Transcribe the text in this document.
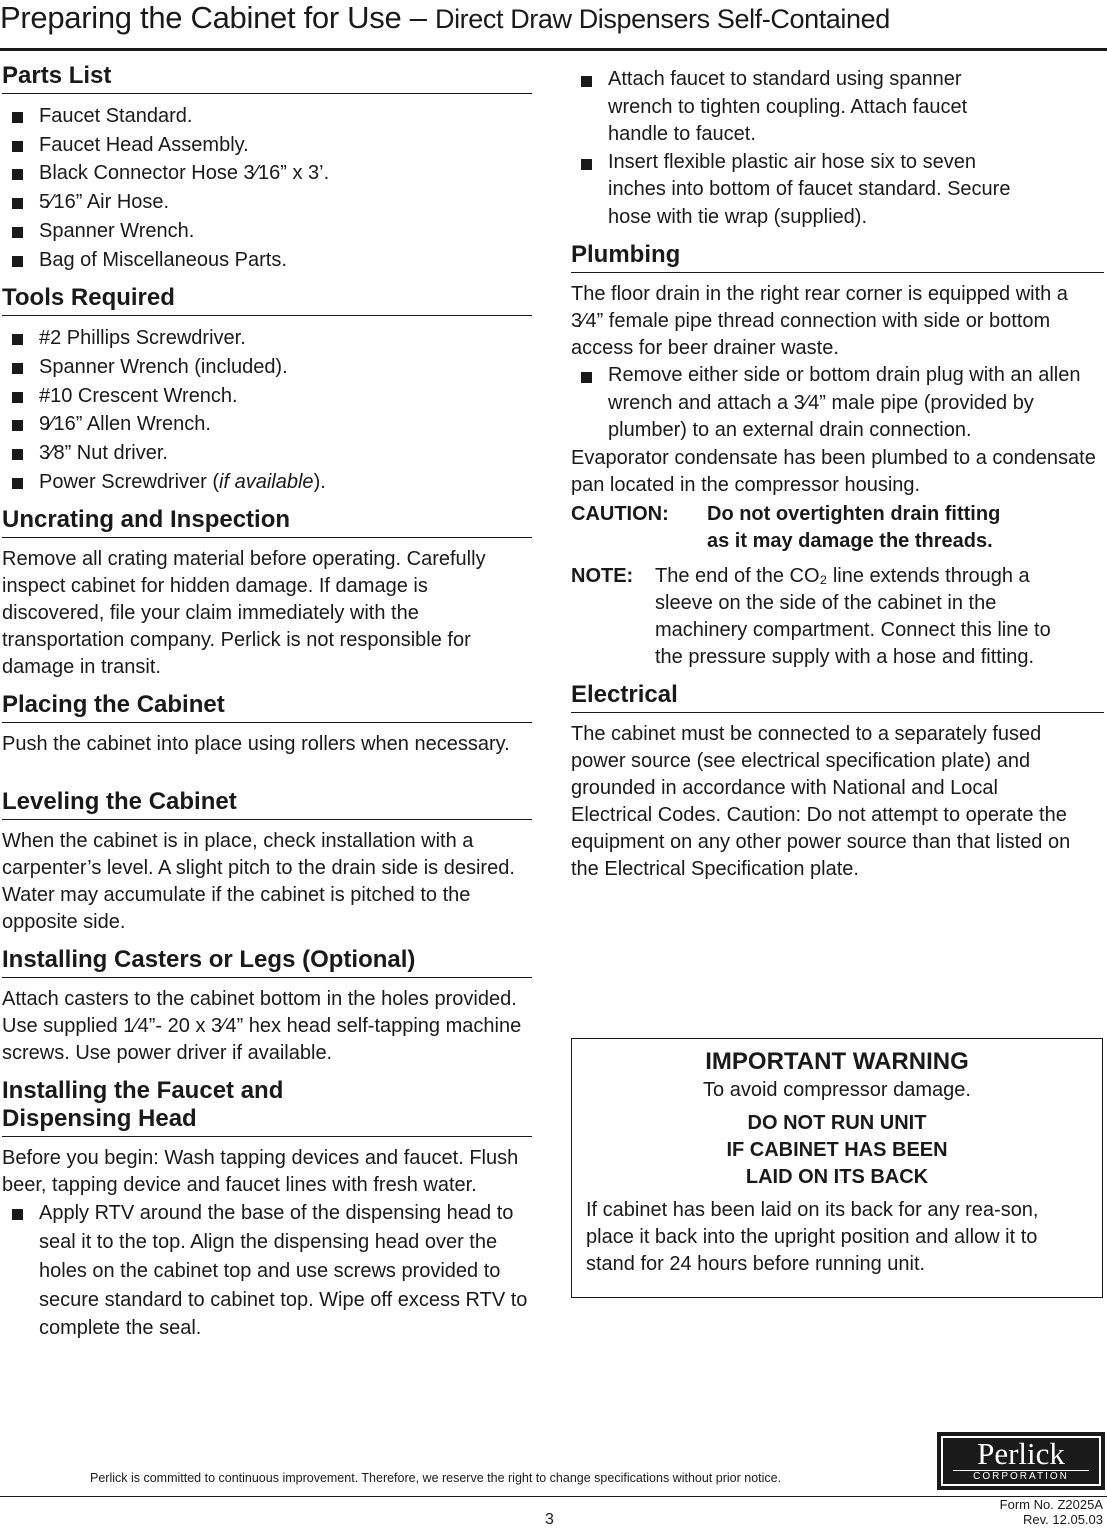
Preparing the Cabinet for Use – Direct Draw Dispensers Self-Contained
Parts List
Faucet Standard.
Faucet Head Assembly.
Black Connector Hose 3⁄16” x 3’.
5⁄16” Air Hose.
Spanner Wrench.
Bag of Miscellaneous Parts.
Tools Required
#2 Phillips Screwdriver.
Spanner Wrench (included).
#10 Crescent Wrench.
9⁄16” Allen Wrench.
3⁄8” Nut driver.
Power Screwdriver (if available).
Uncrating and Inspection

Remove all crating material before operating. Carefully inspect cabinet for hidden damage. If damage is discovered, file your claim immediately with the transportation company. Perlick is not responsible for damage in transit.

Placing the Cabinet

Push the cabinet into place using rollers when necessary.

Leveling the Cabinet

When the cabinet is in place, check installation with a carpenter’s level. A slight pitch to the drain side is desired. Water may accumulate if the cabinet is pitched to the opposite side.

Installing Casters or Legs (Optional)

Attach casters to the cabinet bottom in the holes provided. Use supplied 1⁄4”- 20 x 3⁄4” hex head self-tapping machine screws. Use power driver if available.

Installing the Faucet and Dispensing Head

Before you begin: Wash tapping devices and faucet. Flush beer, tapping device and faucet lines with fresh water.

Apply RTV around the base of the dispensing head to seal it to the top. Align the dispensing head over the holes on the cabinet top and use screws provided to secure standard to cabinet top. Wipe off excess RTV to complete the seal.
Attach faucet to standard using spanner wrench to tighten coupling. Attach faucet handle to faucet.
Insert flexible plastic air hose six to seven inches into bottom of faucet standard. Secure hose with tie wrap (supplied).
Plumbing

The floor drain in the right rear corner is equipped with a 3⁄4” female pipe thread connection with side or bottom access for beer drainer waste.

Remove either side or bottom drain plug with an allen wrench and attach a 3⁄4” male pipe (provided by plumber) to an external drain connection.

Evaporator condensate has been plumbed to a condensate pan located in the compressor housing.

CAUTION:	Do not overtighten drain fitting
as it may damage the threads.
NOTE:	The end of the CO₂ line extends through a sleeve on the side of the cabinet in the machinery compartment. Connect this line to the pressure supply with a hose and fitting.
Electrical

The cabinet must be connected to a separately fused power source (see electrical specification plate) and grounded in accordance with National and Local Electrical Codes. Caution: Do not attempt to operate the equipment on any other power source than that listed on the Electrical Specification plate.

IMPORTANT WARNING
To avoid compressor damage.
DO NOT RUN UNIT
IF CABINET HAS BEEN
LAID ON ITS BACK
If cabinet has been laid on its back for any rea-son, place it back into the upright position and allow it to stand for 24 hours before running unit.
Perlick
CORPORATION
Perlick is committed to continuous improvement. Therefore, we reserve the right to change specifications without prior notice.
3
Form No. Z2025A
Rev. 12.05.03
